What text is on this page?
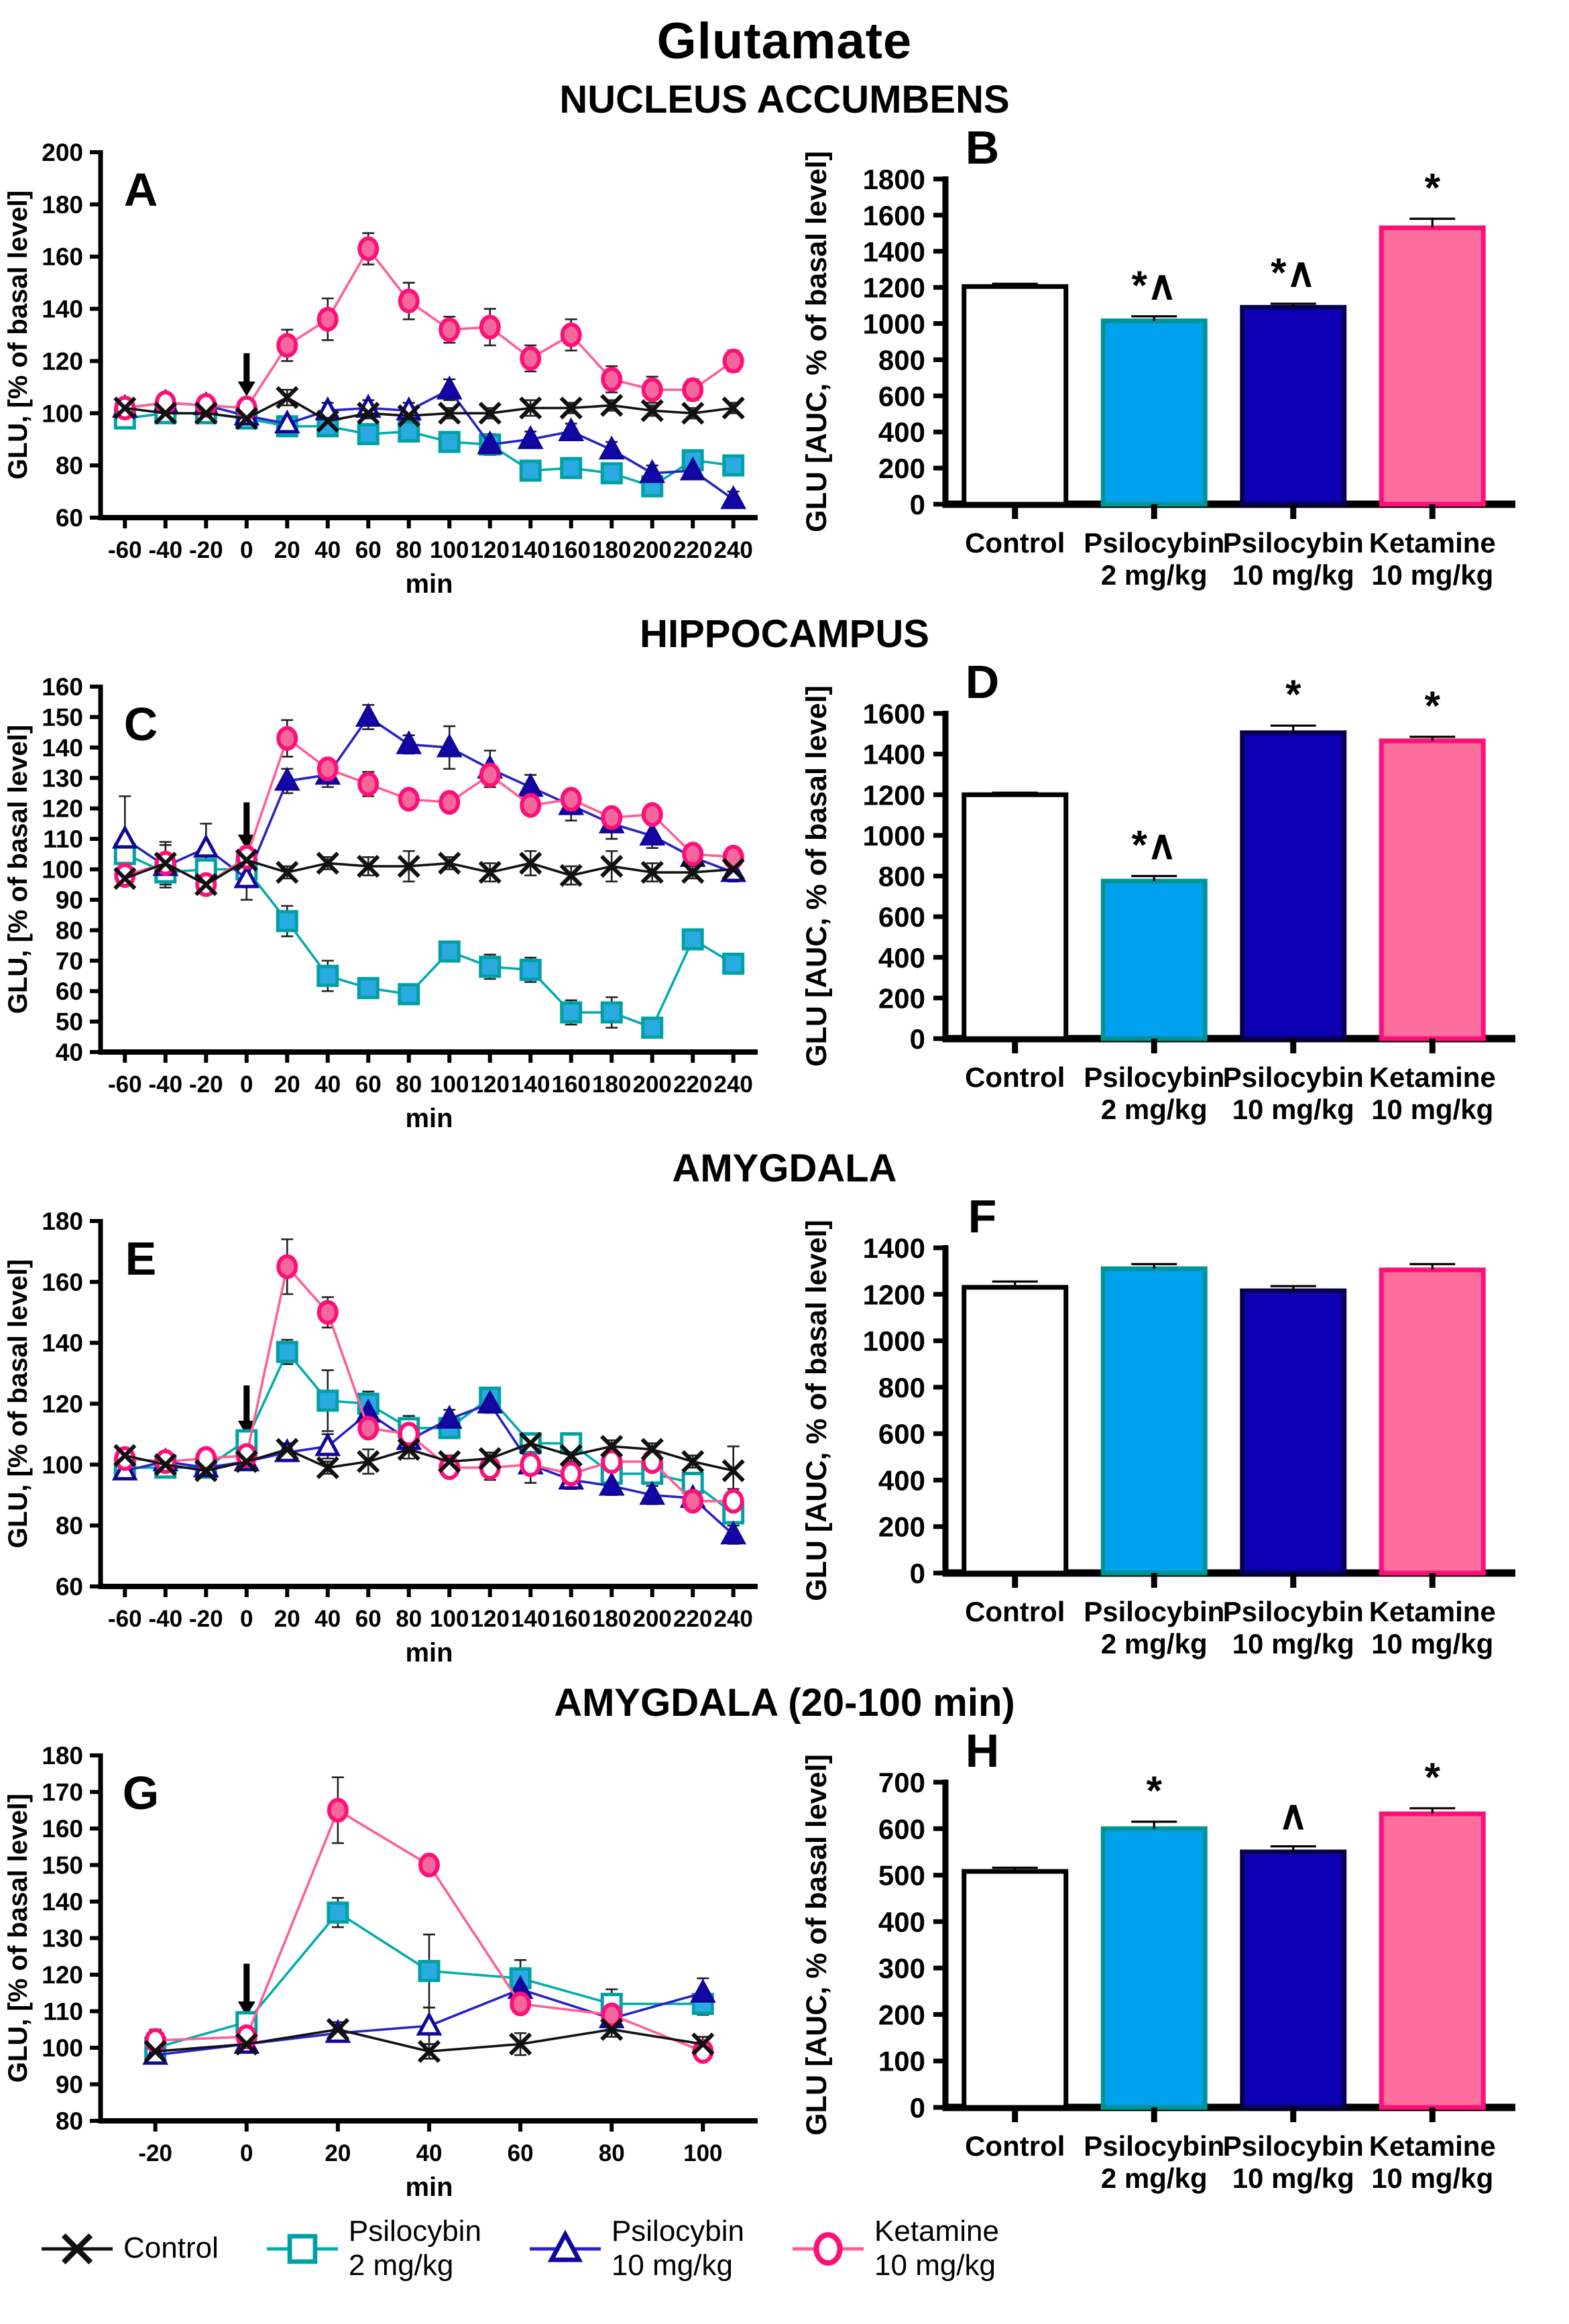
Glutamate
NUCLEUS ACCUMBENS
60
80
100
120
140
160
180
200
-60 -40 -20 0 20 40 60 80 100 120 140 160 180 200 220 240
min
GLU, [% of basal level]
A
0
200
400
600
800
1000
1200
1400
1600
1800
GLU [AUC, % of basal level]
Control
*∧
Psilocybin
2 mg/kg
*∧
Psilocybin
10 mg/kg
*
Ketamine
10 mg/kg
B
HIPPOCAMPUS
40
50
60
70
80
90
100
110
120
130
140
150
160
-60 -40 -20 0 20 40 60 80 100 120 140 160 180 200 220 240
min
GLU, [% of basal level]
C
0
200
400
600
800
1000
1200
1400
1600
GLU [AUC, % of basal level]
Control
*∧
Psilocybin
2 mg/kg
*
Psilocybin
10 mg/kg
*
Ketamine
10 mg/kg
D
AMYGDALA
60
80
100
120
140
160
180
-60 -40 -20 0 20 40 60 80 100 120 140 160 180 200 220 240
min
GLU, [% of basal level]
E
0
200
400
600
800
1000
1200
1400
GLU [AUC, % of basal level]
Control Psilocybin
2 mg/kg
Psilocybin
10 mg/kg
Ketamine
10 mg/kg
F
AMYGDALA (20-100 min)
80
90
100
110
120
130
140
150
160
170
180
-20	0	20	40	60	80 100
min
GLU, [% of basal level]
G
0
100
200
300
400
500
600
700
GLU [AUC, % of basal level]
Control
*
Psilocybin
2 mg/kg
∧
Psilocybin
10 mg/kg
*
Ketamine
10 mg/kg
H
Control
Psilocybin
2 mg/kg
Psilocybin
10 mg/kg
Ketamine
10 mg/kg
